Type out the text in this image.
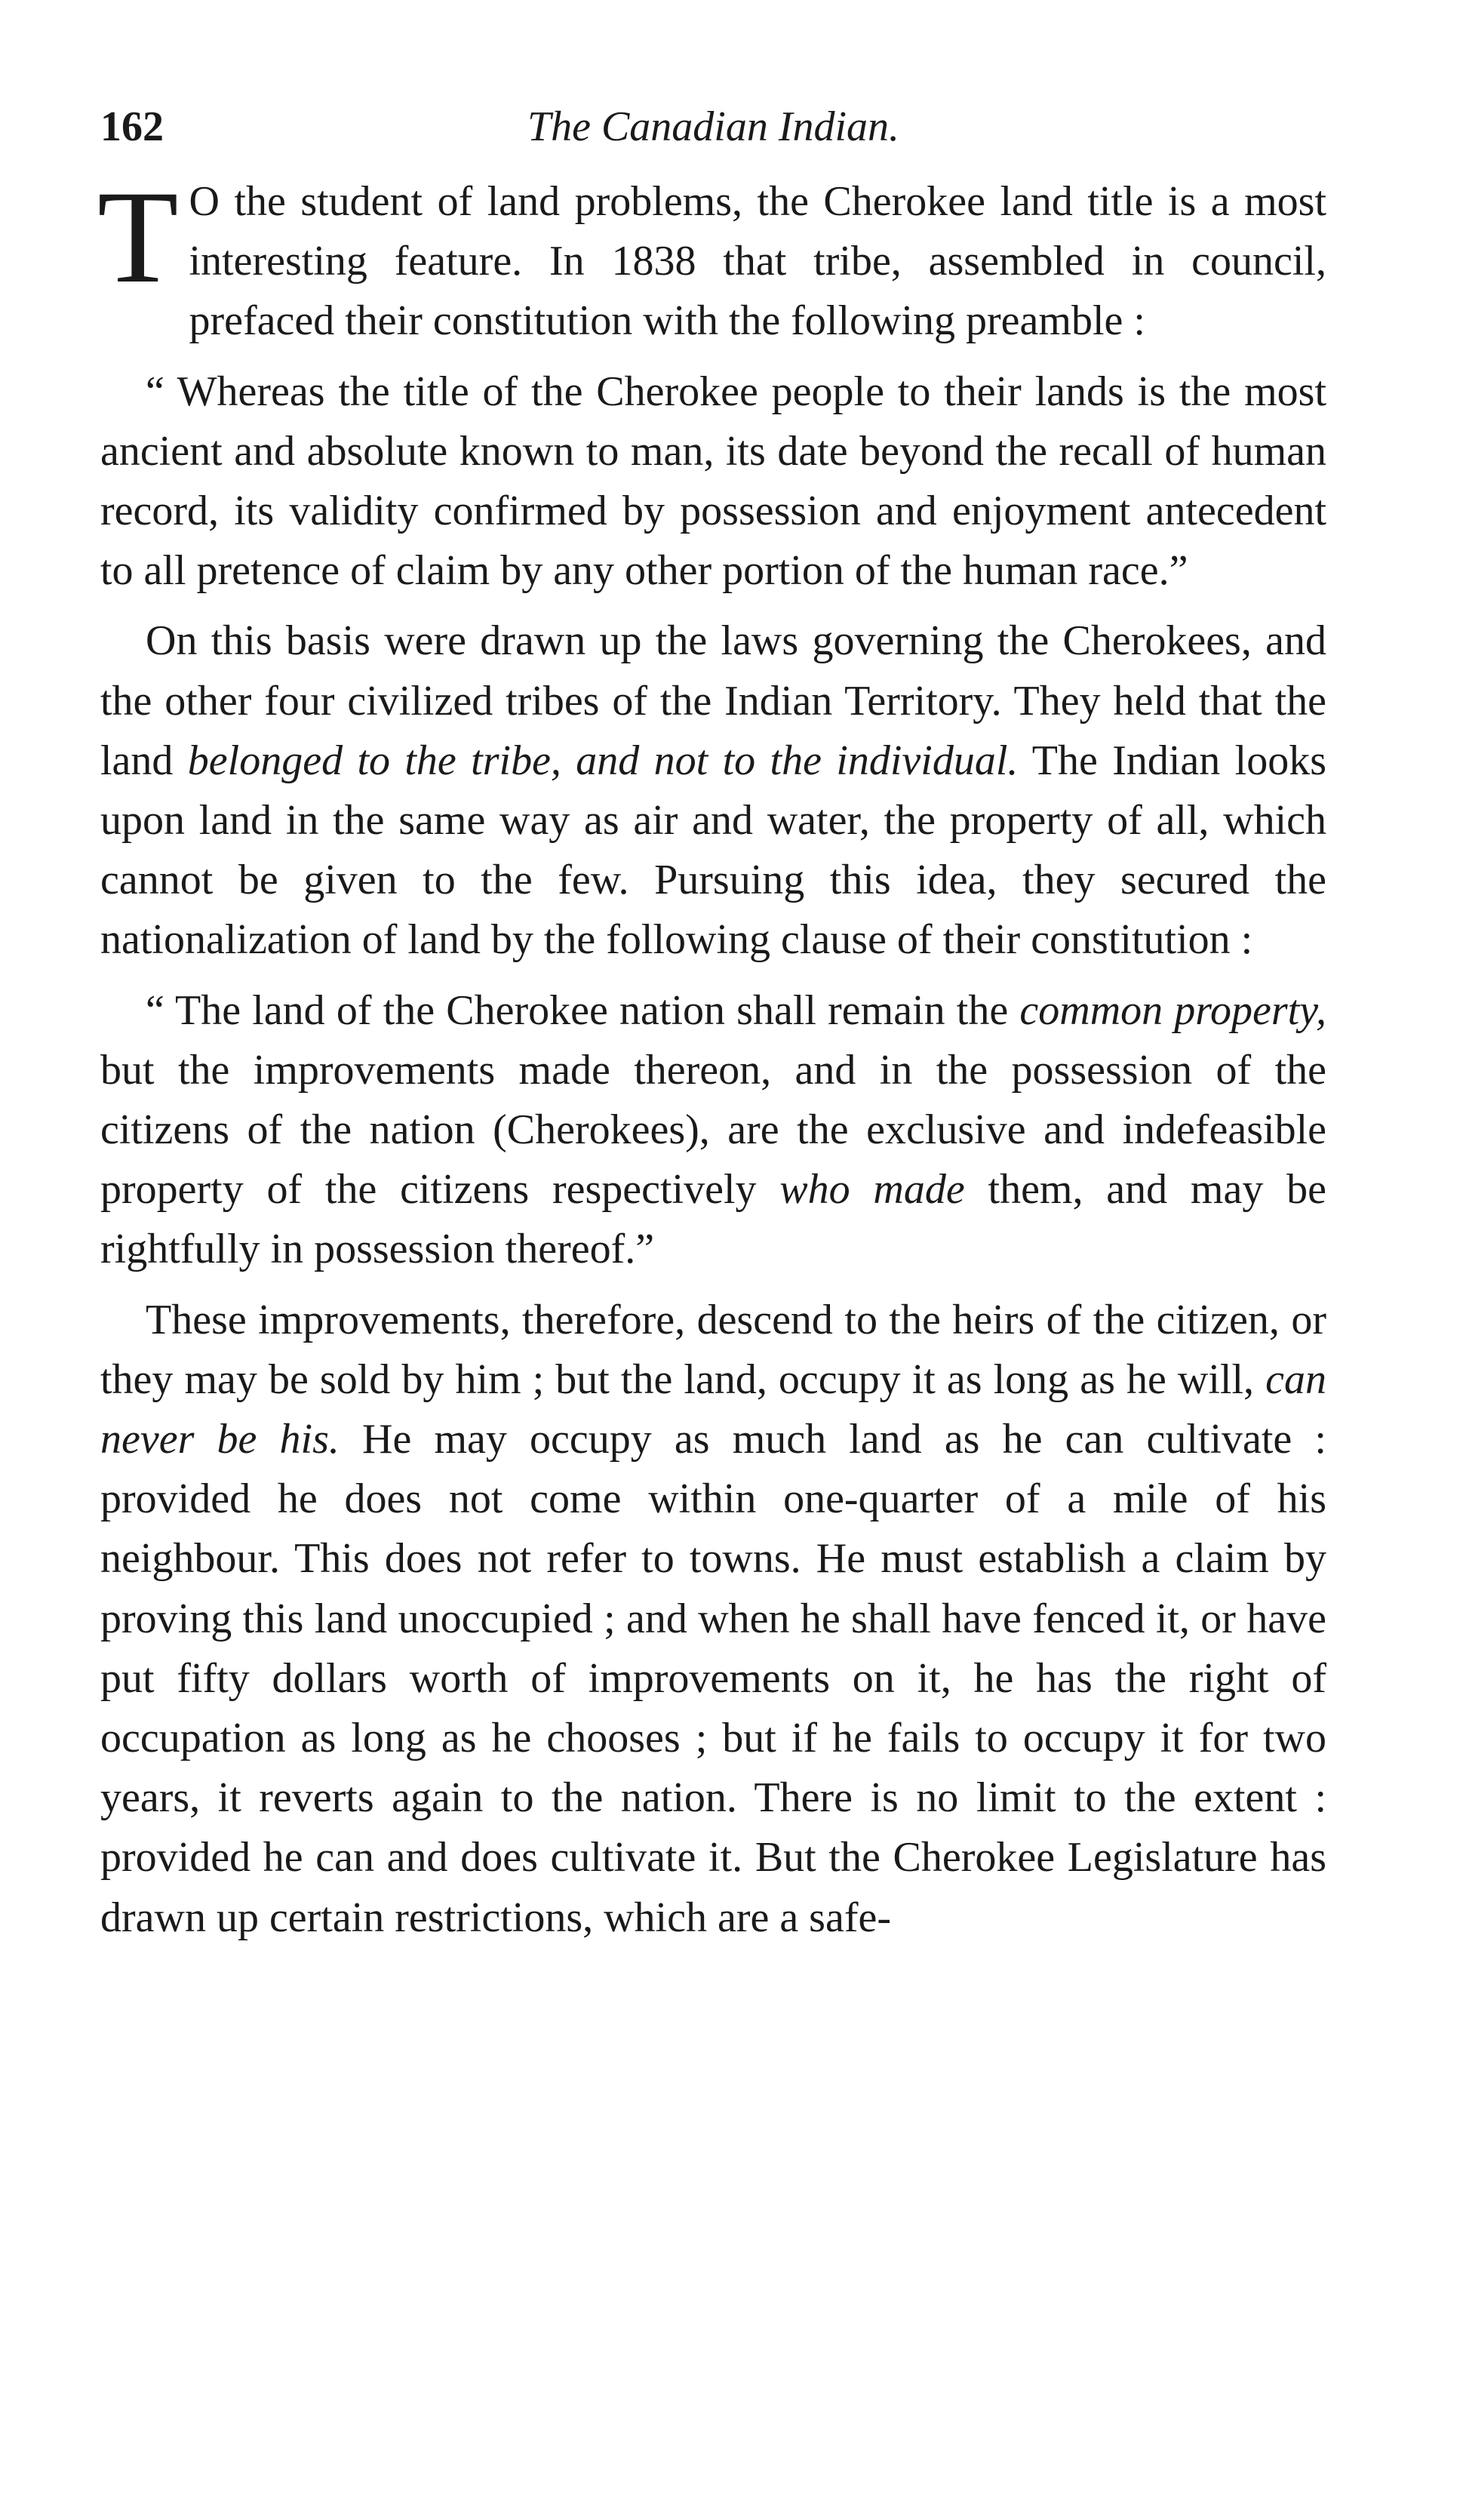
162	The Canadian Indian.

T O the student of land problems, the Cherokee land title is a most interesting feature. In 1838 that tribe, assembled in council, prefaced their constitution with the following preamble :

“ Whereas the title of the Cherokee people to their lands is the most ancient and absolute known to man, its date beyond the recall of human record, its validity confirmed by possession and enjoyment antecedent to all pretence of claim by any other portion of the human race.”

On this basis were drawn up the laws governing the Cherokees, and the other four civilized tribes of the Indian Territory. They held that the land belonged to the tribe, and not to the individual. The Indian looks upon land in the same way as air and water, the property of all, which cannot be given to the few. Pursuing this idea, they secured the nationalization of land by the following clause of their constitution :

“ The land of the Cherokee nation shall remain the common property, but the improvements made thereon, and in the possession of the citizens of the nation (Cherokees), are the exclusive and indefeasible property of the citizens respectively who made them, and may be rightfully in possession thereof.”

These improvements, therefore, descend to the heirs of the citizen, or they may be sold by him ; but the land, occupy it as long as he will, can never be his. He may occupy as much land as he can cultivate : provided he does not come within one-quarter of a mile of his neighbour. This does not refer to towns. He must establish a claim by proving this land unoccupied ; and when he shall have fenced it, or have put fifty dollars worth of improvements on it, he has the right of occupation as long as he chooses ; but if he fails to occupy it for two years, it reverts again to the nation. There is no limit to the extent : provided he can and does cultivate it. But the Cherokee Legislature has drawn up certain restrictions, which are a safe-
